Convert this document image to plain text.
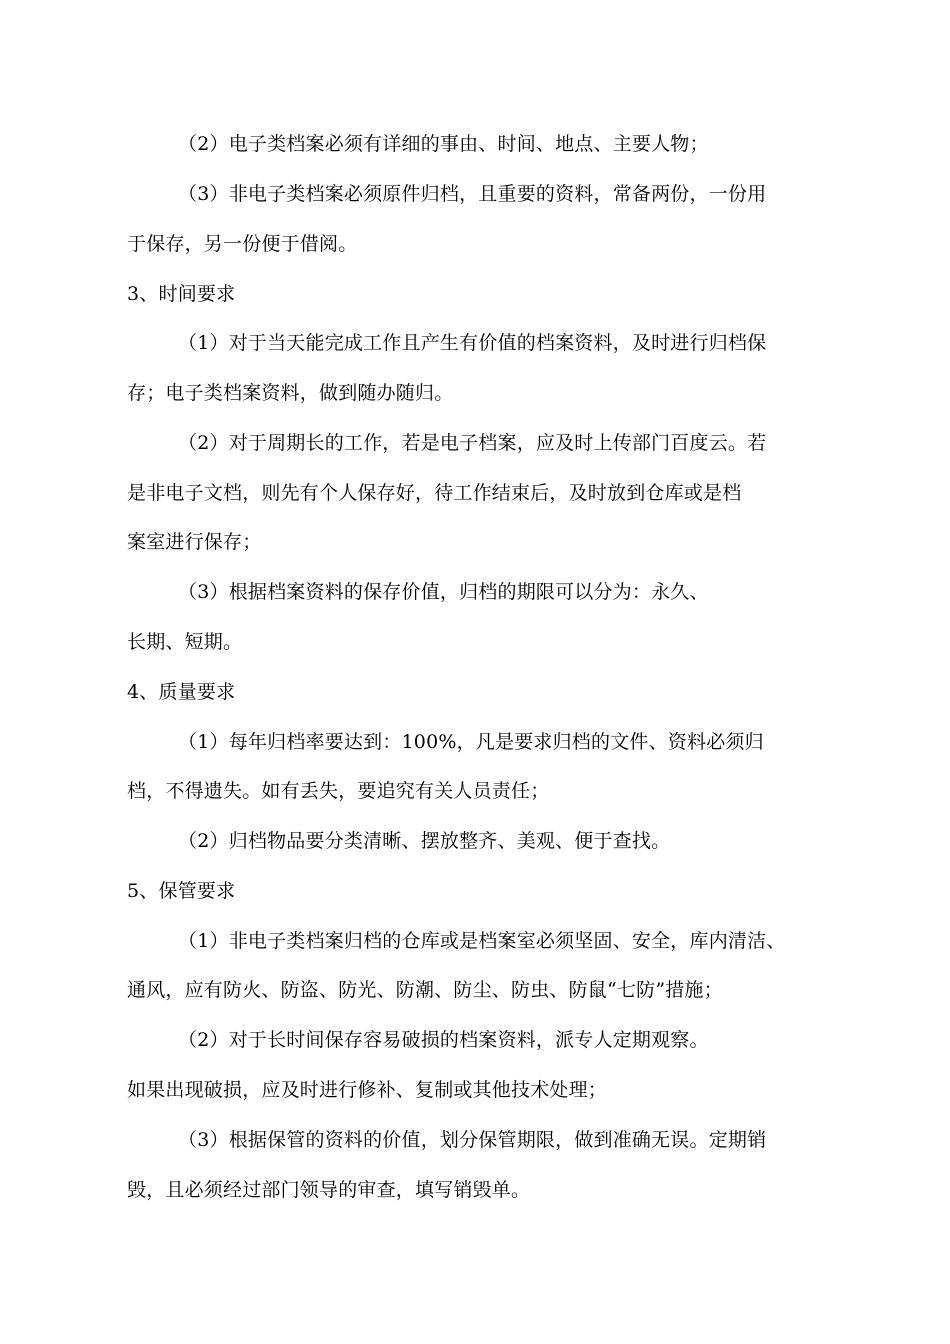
（2）电子类档案必须有详细的事由、时间、地点、主要人物；
（3）非电子类档案必须原件归档，且重要的资料，常备两份，一份用
于保存，另一份便于借阅。
3、时间要求
（1）对于当天能完成工作且产生有价值的档案资料，及时进行归档保
存；电子类档案资料，做到随办随归。
（2）对于周期长的工作，若是电子档案，应及时上传部门百度云。若
是非电子文档，则先有个人保存好，待工作结束后，及时放到仓库或是档
案室进行保存；
（3）根据档案资料的保存价值，归档的期限可以分为：永久、
长期、短期。
4、质量要求
（1）每年归档率要达到：100%，凡是要求归档的文件、资料必须归
档，不得遗失。如有丢失，要追究有关人员责任；
（2）归档物品要分类清晰、摆放整齐、美观、便于查找。
5、保管要求
（1）非电子类档案归档的仓库或是档案室必须坚固、安全，库内清洁、
通风，应有防火、防盗、防光、防潮、防尘、防虫、防鼠“七防”措施；
（2）对于长时间保存容易破损的档案资料，派专人定期观察。
如果出现破损，应及时进行修补、复制或其他技术处理；
（3）根据保管的资料的价值，划分保管期限，做到准确无误。定期销
毁，且必须经过部门领导的审查，填写销毁单。
